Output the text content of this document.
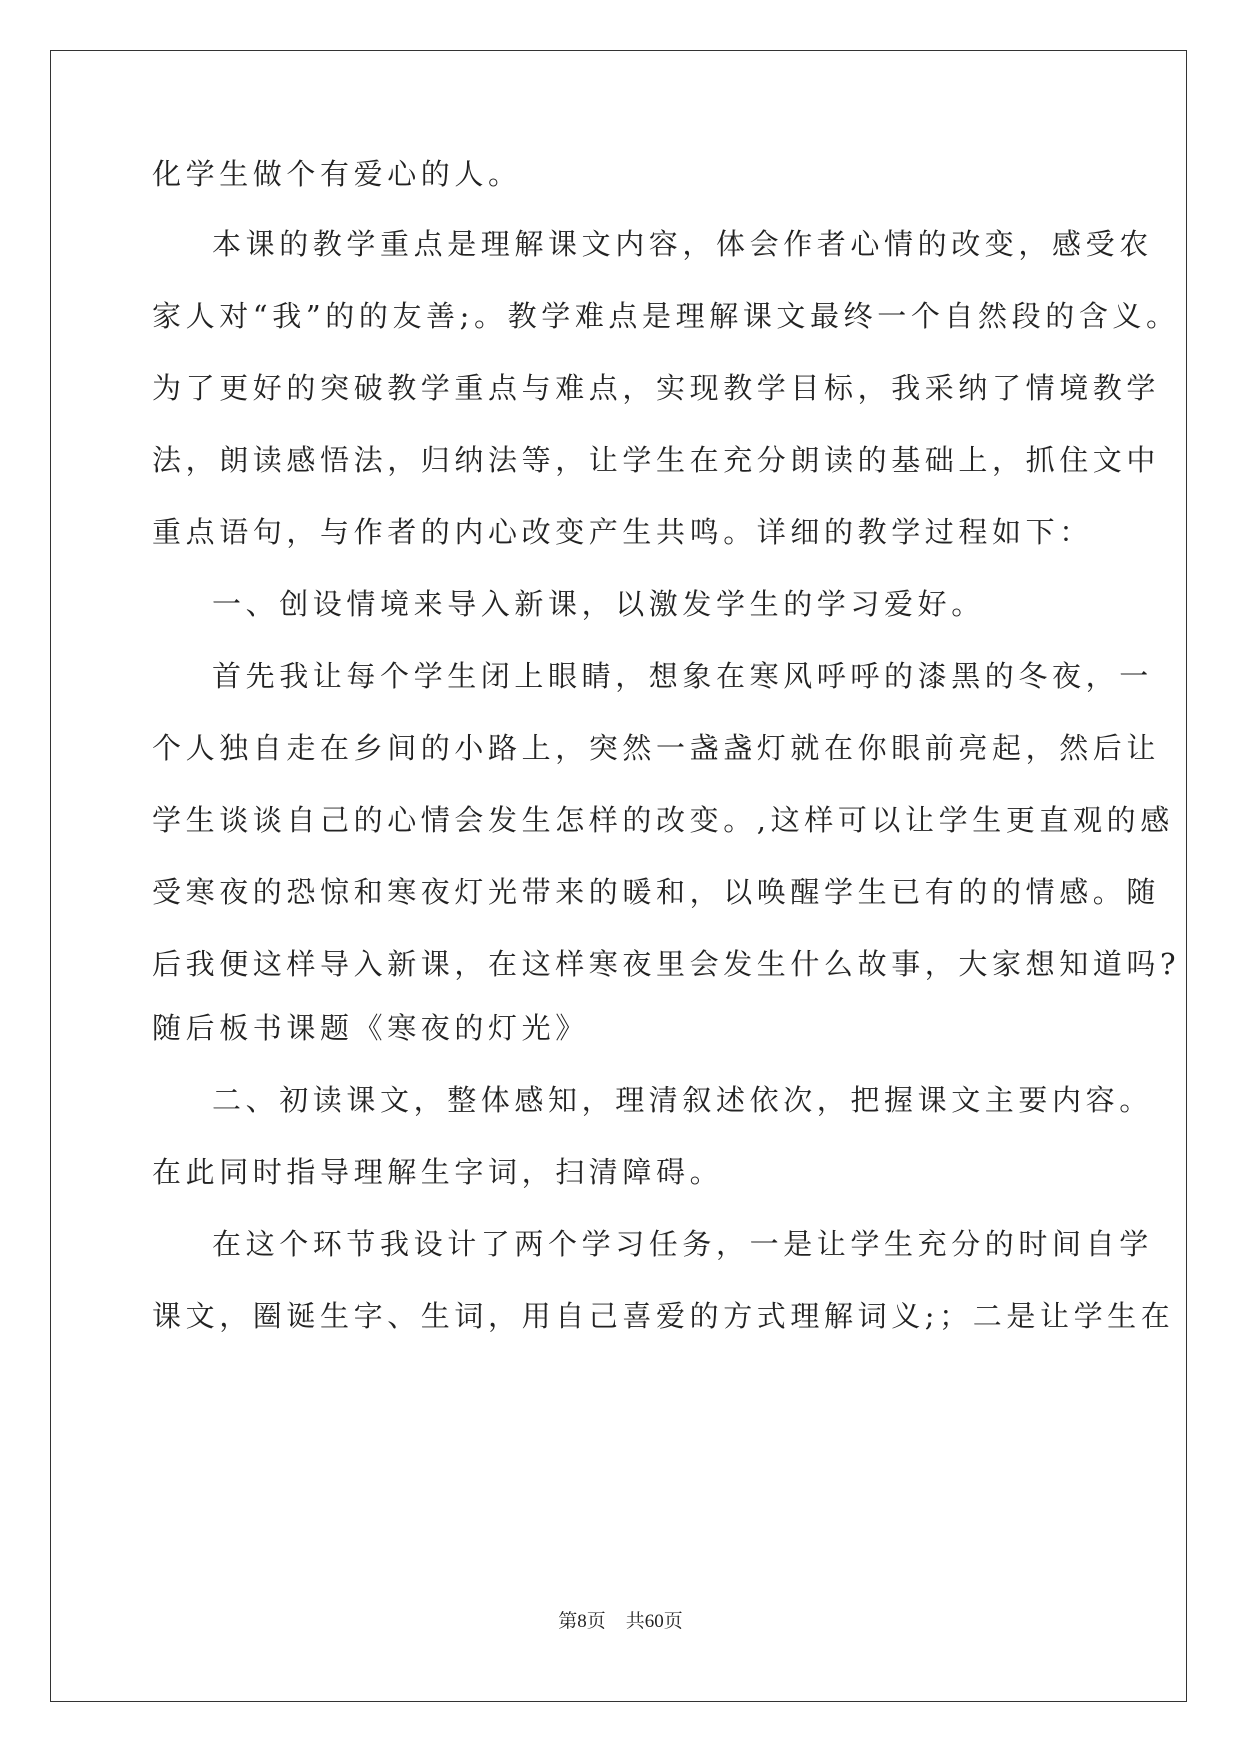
化学生做个有爱心的人。
本课的教学重点是理解课文内容，体会作者心情的改变，感受农
家人对“我”的的友善;。教学难点是理解课文最终一个自然段的含义。
为了更好的突破教学重点与难点，实现教学目标，我采纳了情境教学
法，朗读感悟法，归纳法等，让学生在充分朗读的基础上，抓住文中
重点语句，与作者的内心改变产生共鸣。详细的教学过程如下：
一、创设情境来导入新课，以激发学生的学习爱好。
首先我让每个学生闭上眼睛，想象在寒风呼呼的漆黑的冬夜，一
个人独自走在乡间的小路上，突然一盏盏灯就在你眼前亮起，然后让
学生谈谈自己的心情会发生怎样的改变。,这样可以让学生更直观的感
受寒夜的恐惊和寒夜灯光带来的暖和，以唤醒学生已有的的情感。随
后我便这样导入新课，在这样寒夜里会发生什么故事，大家想知道吗?
随后板书课题《寒夜的灯光》
二、初读课文，整体感知，理清叙述依次，把握课文主要内容。
在此同时指导理解生字词，扫清障碍。
在这个环节我设计了两个学习任务，一是让学生充分的时间自学
课文，圈诞生字、生词，用自己喜爱的方式理解词义;；二是让学生在
第8页 共60页
